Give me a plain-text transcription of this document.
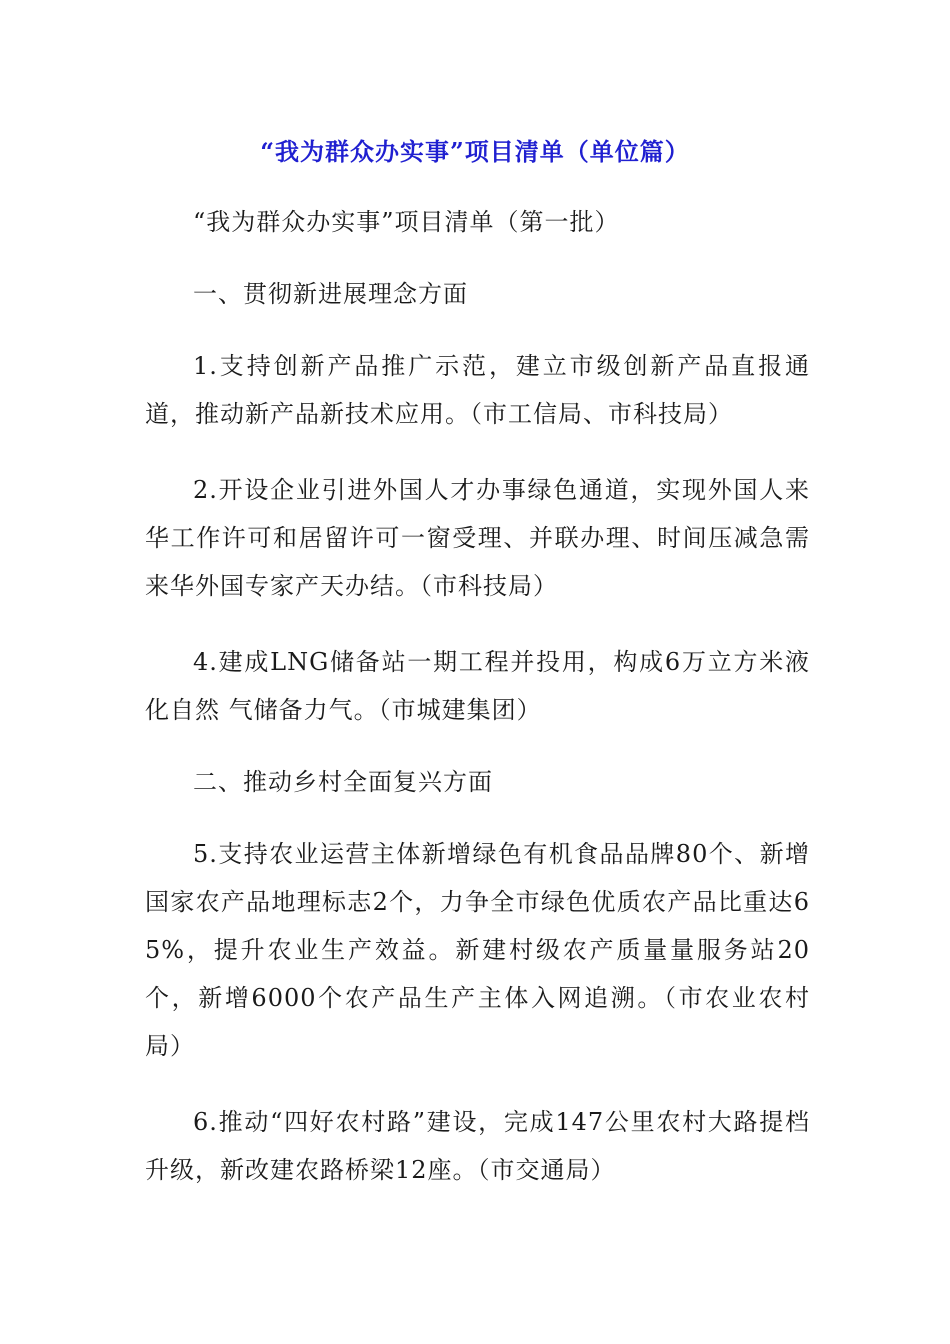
“我为群众办实事”项目清单（单位篇）
“我为群众办实事”项目清单（第一批）
一、贯彻新进展理念方面
1.支持创新产品推广示范，建立市级创新产品直报通道，推动新产品新技术应用。（市工信局、市科技局）
2.开设企业引进外国人才办事绿色通道，实现外国人来华工作许可和居留许可一窗受理、并联办理、时间压减急需来华外国专家产天办结。（市科技局）
4.建成LNG储备站一期工程并投用，构成6万立方米液化自然 气储备力气。（市城建集团）
二、推动乡村全面复兴方面
5.支持农业运营主体新增绿色有机食品品牌80个、新增国家农产品地理标志2个，力争全市绿色优质农产品比重达65%，提升农业生产效益。新建村级农产质量量服务站20个，新增6000个农产品生产主体入网追溯。（市农业农村局）
6.推动“四好农村路”建设，完成147公里农村大路提档升级，新改建农路桥梁12座。（市交通局）
